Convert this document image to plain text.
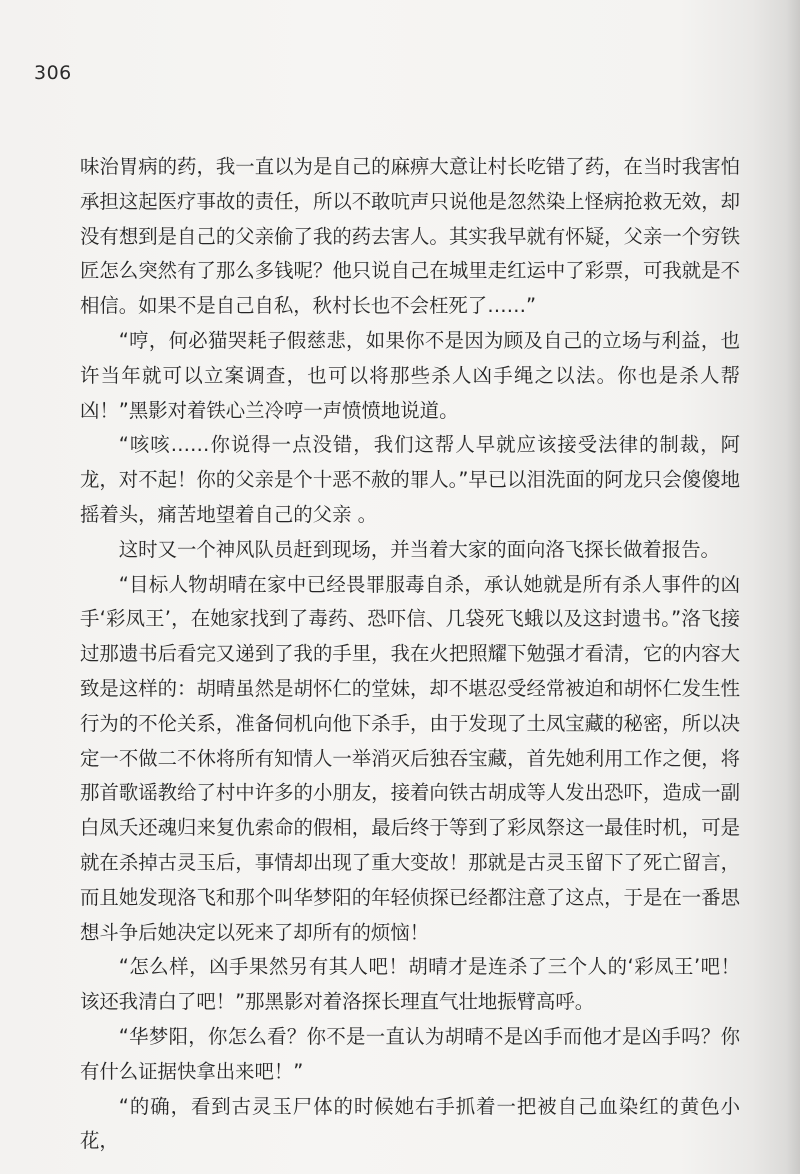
306

味治胃病的药，我一直以为是自己的麻痹大意让村长吃错了药，在当时我害怕承担这起医疗事故的责任，所以不敢吭声只说他是忽然染上怪病抢救无效，却没有想到是自己的父亲偷了我的药去害人。其实我早就有怀疑，父亲一个穷铁匠怎么突然有了那么多钱呢？他只说自己在城里走红运中了彩票，可我就是不相信。如果不是自己自私，秋村长也不会枉死了……”

“哼，何必猫哭耗子假慈悲，如果你不是因为顾及自己的立场与利益，也许当年就可以立案调查，也可以将那些杀人凶手绳之以法。你也是杀人帮凶！”黑影对着铁心兰冷哼一声愤愤地说道。

“咳咳……你说得一点没错，我们这帮人早就应该接受法律的制裁，阿龙，对不起！你的父亲是个十恶不赦的罪人。”早已以泪洗面的阿龙只会傻傻地摇着头，痛苦地望着自己的父亲 。

这时又一个神风队员赶到现场，并当着大家的面向洛飞探长做着报告。

“目标人物胡晴在家中已经畏罪服毒自杀，承认她就是所有杀人事件的凶手‘彩凤王’，在她家找到了毒药、恐吓信、几袋死飞蛾以及这封遗书。”洛飞接过那遗书后看完又递到了我的手里，我在火把照耀下勉强才看清，它的内容大致是这样的：胡晴虽然是胡怀仁的堂妹，却不堪忍受经常被迫和胡怀仁发生性行为的不伦关系，准备伺机向他下杀手，由于发现了土凤宝藏的秘密，所以决定一不做二不休将所有知情人一举消灭后独吞宝藏，首先她利用工作之便，将那首歌谣教给了村中许多的小朋友，接着向铁古胡成等人发出恐吓，造成一副白凤夭还魂归来复仇索命的假相，最后终于等到了彩凤祭这一最佳时机，可是就在杀掉古灵玉后，事情却出现了重大变故！那就是古灵玉留下了死亡留言，而且她发现洛飞和那个叫华梦阳的年轻侦探已经都注意了这点，于是在一番思想斗争后她决定以死来了却所有的烦恼！

“怎么样，凶手果然另有其人吧！胡晴才是连杀了三个人的‘彩凤王’吧！该还我清白了吧！”那黑影对着洛探长理直气壮地振臂高呼。

“华梦阳，你怎么看？你不是一直认为胡晴不是凶手而他才是凶手吗？你有什么证据快拿出来吧！”

“的确，看到古灵玉尸体的时候她右手抓着一把被自己血染红的黄色小花，
